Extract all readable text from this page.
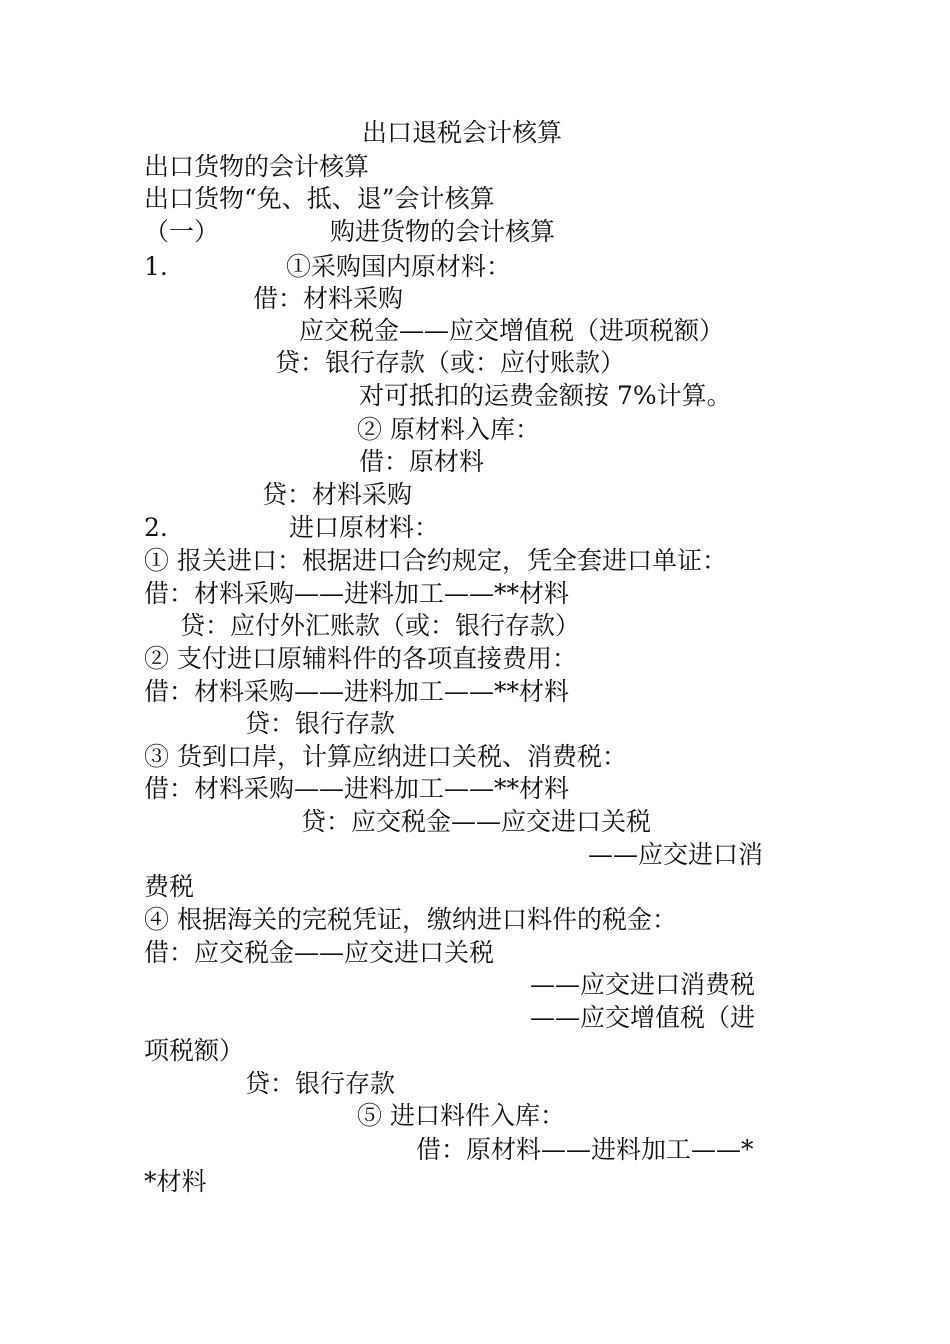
出口退税会计核算
出口货物的会计核算
出口货物“免、抵、退”会计核算
（一）	购进货物的会计核算
1.	①采购国内原材料：
借：材料采购
应交税金——应交增值税（进项税额）
贷：银行存款（或：应付账款）
对可抵扣的运费金额按 7%计算。
② 原材料入库：
借：原材料
贷：材料采购
2.	进口原材料：
① 报关进口：根据进口合约规定，凭全套进口单证：
借：材料采购——进料加工——**材料
贷：应付外汇账款（或：银行存款）
② 支付进口原辅料件的各项直接费用：
借：材料采购——进料加工——**材料
贷：银行存款
③ 货到口岸，计算应纳进口关税、消费税：
借：材料采购——进料加工——**材料
贷：应交税金——应交进口关税
——应交进口消
费税
④ 根据海关的完税凭证，缴纳进口料件的税金：
借：应交税金——应交进口关税
——应交进口消费税
——应交增值税（进
项税额）
贷：银行存款
⑤ 进口料件入库：
借：原材料——进料加工——*
*材料
